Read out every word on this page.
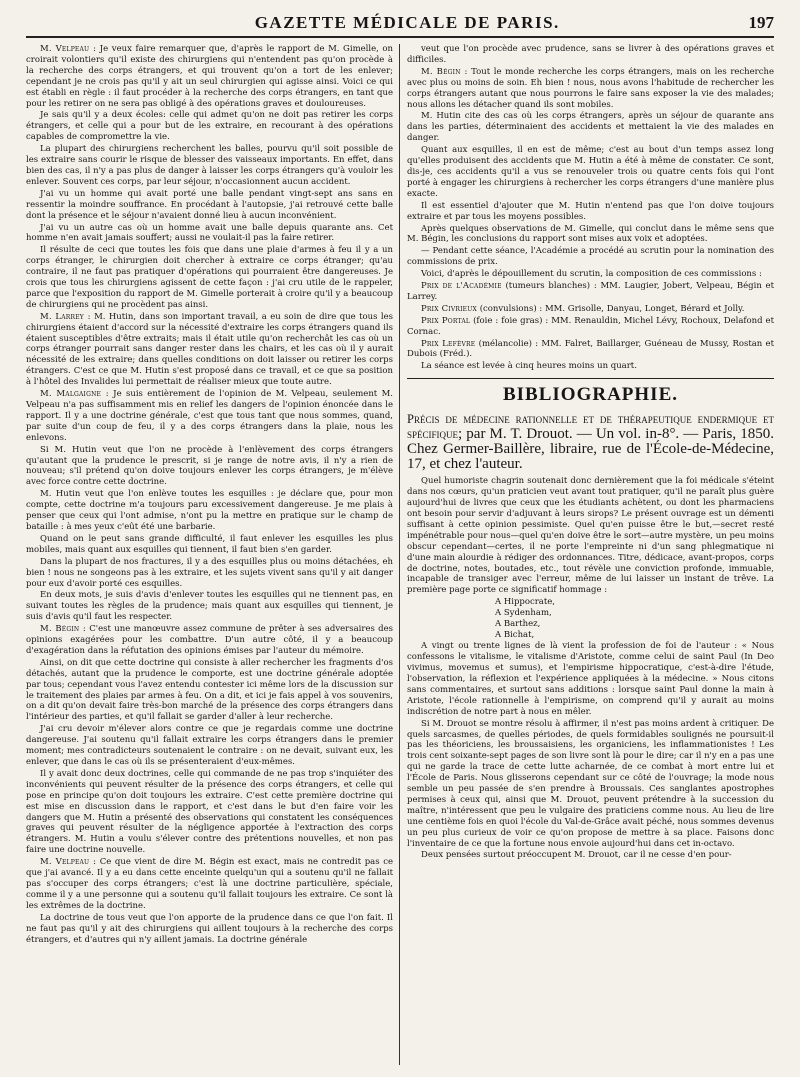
GAZETTE MÉDICALE DE PARIS.	197

M. Velpeau : Je veux faire remarquer que, d'après le rapport de M. Gimelle, on croirait volontiers qu'il existe des chirurgiens qui n'entendent pas qu'on procède à la recherche des corps étrangers, et qui trouvent qu'on a tort de les enlever; cependant je ne crois pas qu'il y ait un seul chirurgien qui agisse ainsi. Voici ce qui est établi en règle : il faut procéder à la recherche des corps étrangers, en tant que pour les retirer on ne sera pas obligé à des opérations graves et douloureuses.

Je sais qu'il y a deux écoles: celle qui admet qu'on ne doit pas retirer les corps étrangers, et celle qui a pour but de les extraire, en recourant à des opérations capables de compromettre la vie.

La plupart des chirurgiens recherchent les balles, pourvu qu'il soit possible de les extraire sans courir le risque de blesser des vaisseaux importants. En effet, dans bien des cas, il n'y a pas plus de danger à laisser les corps étrangers qu'à vouloir les enlever. Souvent ces corps, par leur séjour, n'occasionnent aucun accident.

J'ai vu un homme qui avait porté une balle pendant vingt-sept ans sans en ressentir la moindre souffrance. En procédant à l'autopsie, j'ai retrouvé cette balle dont la présence et le séjour n'avaient donné lieu à aucun inconvénient.

J'ai vu un autre cas où un homme avait une balle depuis quarante ans. Cet homme n'en avait jamais souffert; aussi ne voulait-il pas la faire retirer.

Il résulte de ceci que toutes les fois que dans une plaie d'armes à feu il y a un corps étranger, le chirurgien doit chercher à extraire ce corps étranger; qu'au contraire, il ne faut pas pratiquer d'opérations qui pourraient être dangereuses. Je crois que tous les chirurgiens agissent de cette façon : j'ai cru utile de le rappeler, parce que l'exposition du rapport de M. Gimelle porterait à croire qu'il y a beaucoup de chirurgiens qui ne procèdent pas ainsi.

M. Larrey : M. Hutin, dans son important travail, a eu soin de dire que tous les chirurgiens étaient d'accord sur la nécessité d'extraire les corps étrangers quand ils étaient susceptibles d'être extraits; mais il était utile qu'on recherchât les cas où un corps étranger pourrait sans danger rester dans les chairs, et les cas où il y aurait nécessité de les extraire; dans quelles conditions on doit laisser ou retirer les corps étrangers. C'est ce que M. Hutin s'est proposé dans ce travail, et ce que sa position à l'hôtel des Invalides lui permettait de réaliser mieux que toute autre.

M. Malgaigne : Je suis entièrement de l'opinion de M. Velpeau, seulement M. Velpeau n'a pas suffisamment mis en relief les dangers de l'opinion énoncée dans le rapport. Il y a une doctrine générale, c'est que tous tant que nous sommes, quand, par suite d'un coup de feu, il y a des corps étrangers dans la plaie, nous les enlevons.

Si M. Hutin veut que l'on ne procède à l'enlèvement des corps étrangers qu'autant que la prudence le prescrit, si je range de notre avis, il n'y a rien de nouveau; s'il prétend qu'on doive toujours enlever les corps étrangers, je m'élève avec force contre cette doctrine.

M. Hutin veut que l'on enlève toutes les esquilles : je déclare que, pour mon compte, cette doctrine m'a toujours paru excessivement dangereuse. Je me plais à penser que ceux qui l'ont admise, n'ont pu la mettre en pratique sur le champ de bataille : à mes yeux c'eût été une barbarie.

Quand on le peut sans grande difficulté, il faut enlever les esquilles les plus mobiles, mais quant aux esquilles qui tiennent, il faut bien s'en garder.

Dans la plupart de nos fractures, il y a des esquilles plus ou moins détachées, eh bien ! nous ne songeons pas à les extraire, et les sujets vivent sans qu'il y ait danger pour eux d'avoir porté ces esquilles.

En deux mots, je suis d'avis d'enlever toutes les esquilles qui ne tiennent pas, en suivant toutes les règles de la prudence; mais quant aux esquilles qui tiennent, je suis d'avis qu'il faut les respecter.

M. Bégin : C'est une manœuvre assez commune de prêter à ses adversaires des opinions exagérées pour les combattre. D'un autre côté, il y a beaucoup d'exagération dans la réfutation des opinions émises par l'auteur du mémoire.

Ainsi, on dit que cette doctrine qui consiste à aller rechercher les fragments d'os détachés, autant que la prudence le comporte, est une doctrine générale adoptée par tous; cependant vous l'avez entendu contester ici même lors de la discussion sur le traitement des plaies par armes à feu. On a dit, et ici je fais appel à vos souvenirs, on a dit qu'on devait faire très-bon marché de la présence des corps étrangers dans l'intérieur des parties, et qu'il fallait se garder d'aller à leur recherche.

J'ai cru devoir m'élever alors contre ce que je regardais comme une doctrine dangereuse. J'ai soutenu qu'il fallait extraire les corps étrangers dans le premier moment; mes contradicteurs soutenaient le contraire : on ne devait, suivant eux, les enlever, que dans le cas où ils se présenteraient d'eux-mêmes.

Il y avait donc deux doctrines, celle qui commande de ne pas trop s'inquiéter des inconvénients qui peuvent résulter de la présence des corps étrangers, et celle qui pose en principe qu'on doit toujours les extraire. C'est cette première doctrine qui est mise en discussion dans le rapport, et c'est dans le but d'en faire voir les dangers que M. Hutin a présenté des observations qui constatent les conséquences graves qui peuvent résulter de la négligence apportée à l'extraction des corps étrangers. M. Hutin a voulu s'élever contre des prétentions nouvelles, et non pas faire une doctrine nouvelle.

M. Velpeau : Ce que vient de dire M. Bégin est exact, mais ne contredit pas ce que j'ai avancé. Il y a eu dans cette enceinte quelqu'un qui a soutenu qu'il ne fallait pas s'occuper des corps étrangers; c'est là une doctrine particulière, spéciale, comme il y a une personne qui a soutenu qu'il fallait toujours les extraire. Ce sont là les extrêmes de la doctrine.

La doctrine de tous veut que l'on apporte de la prudence dans ce que l'on fait. Il ne faut pas qu'il y ait des chirurgiens qui aillent toujours à la recherche des corps étrangers, et d'autres qui n'y aillent jamais. La doctrine générale

veut que l'on procède avec prudence, sans se livrer à des opérations graves et difficiles.

M. Bégin : Tout le monde recherche les corps étrangers, mais on les recherche avec plus ou moins de soin. Eh bien ! nous, nous avons l'habitude de rechercher les corps étrangers autant que nous pourrons le faire sans exposer la vie des malades; nous allons les détacher quand ils sont mobiles.

M. Hutin cite des cas où les corps étrangers, après un séjour de quarante ans dans les parties, déterminaient des accidents et mettaient la vie des malades en danger.

Quant aux esquilles, il en est de même; c'est au bout d'un temps assez long qu'elles produisent des accidents que M. Hutin a été à même de constater. Ce sont, dis-je, ces accidents qu'il a vus se renouveler trois ou quatre cents fois qui l'ont porté à engager les chirurgiens à rechercher les corps étrangers d'une manière plus exacte.

Il est essentiel d'ajouter que M. Hutin n'entend pas que l'on doive toujours extraire et par tous les moyens possibles.

Après quelques observations de M. Gimelle, qui conclut dans le même sens que M. Bégin, les conclusions du rapport sont mises aux voix et adoptées.

— Pendant cette séance, l'Académie a procédé au scrutin pour la nomination des commissions de prix.

Voici, d'après le dépouillement du scrutin, la composition de ces commissions :

Prix de l'Académie (tumeurs blanches) : MM. Laugier, Jobert, Velpeau, Bégin et Larrey.

Prix Civrieux (convulsions) : MM. Grisolle, Danyau, Longet, Bérard et Jolly.

Prix Portal (foie : foie gras) : MM. Renauldin, Michel Lévy, Rochoux, Delafond et Cornac.

Prix Lefèvre (mélancolie) : MM. Falret, Baillarger, Guéneau de Mussy, Rostan et Dubois (Fréd.).

La séance est levée à cinq heures moins un quart.

BIBLIOGRAPHIE.
Précis de médecine rationnelle et de thérapeutique endermique et spécifique; par M. T. Drouot. — Un vol. in-8°. — Paris, 1850. Chez Germer-Baillère, libraire, rue de l'École-de-Médecine, 17, et chez l'auteur.

Quel humoriste chagrin soutenait donc dernièrement que la foi médicale s'éteint dans nos cœurs, qu'un praticien veut avant tout pratiquer, qu'il ne paraît plus guère aujourd'hui de livres que ceux que les étudiants achètent, ou dont les pharmaciens ont besoin pour servir d'adjuvant à leurs sirops? Le présent ouvrage est un démenti suffisant à cette opinion pessimiste. Quel qu'en puisse être le but,—secret resté impénétrable pour nous—quel qu'en doive être le sort—autre mystère, un peu moins obscur cependant—certes, il ne porte l'empreinte ni d'un sang phlegmatique ni d'une main alourdie à rédiger des ordonnances. Titre, dédicace, avant-propos, corps de doctrine, notes, boutades, etc., tout révèle une conviction profonde, immuable, incapable de transiger avec l'erreur, même de lui laisser un instant de trêve. La première page porte ce significatif hommage :

A Hippocrate,

A Sydenham,

A Barthez,

A Bichat,

A vingt ou trente lignes de là vient la profession de foi de l'auteur : « Nous confessons le vitalisme, le vitalisme d'Aristote, comme celui de saint Paul (In Deo vivimus, movemus et sumus), et l'empirisme hippocratique, c'est-à-dire l'étude, l'observation, la réflexion et l'expérience appliquées à la médecine. » Nous citons sans commentaires, et surtout sans additions : lorsque saint Paul donne la main à Aristote, l'école rationnelle à l'empirisme, on comprend qu'il y aurait au moins indiscrétion de notre part à nous en mêler.

Si M. Drouot se montre résolu à affirmer, il n'est pas moins ardent à critiquer. De quels sarcasmes, de quelles périodes, de quels formidables soulignés ne poursuit-il pas les théoriciens, les broussaisiens, les organiciens, les inflammationistes ! Les trois cent soixante-sept pages de son livre sont là pour le dire; car il n'y en a pas une qui ne garde la trace de cette lutte acharnée, de ce combat à mort entre lui et l'École de Paris. Nous glisserons cependant sur ce côté de l'ouvrage; la mode nous semble un peu passée de s'en prendre à Broussais. Ces sanglantes apostrophes permises à ceux qui, ainsi que M. Drouot, peuvent prétendre à la succession du maître, n'intéressent que peu le vulgaire des praticiens comme nous. Au lieu de lire une centième fois en quoi l'école du Val-de-Grâce avait péché, nous sommes devenus un peu plus curieux de voir ce qu'on propose de mettre à sa place. Faisons donc l'inventaire de ce que la fortune nous envoie aujourd'hui dans cet in-octavo.

Deux pensées surtout préoccupent M. Drouot, car il ne cesse d'en pour-
